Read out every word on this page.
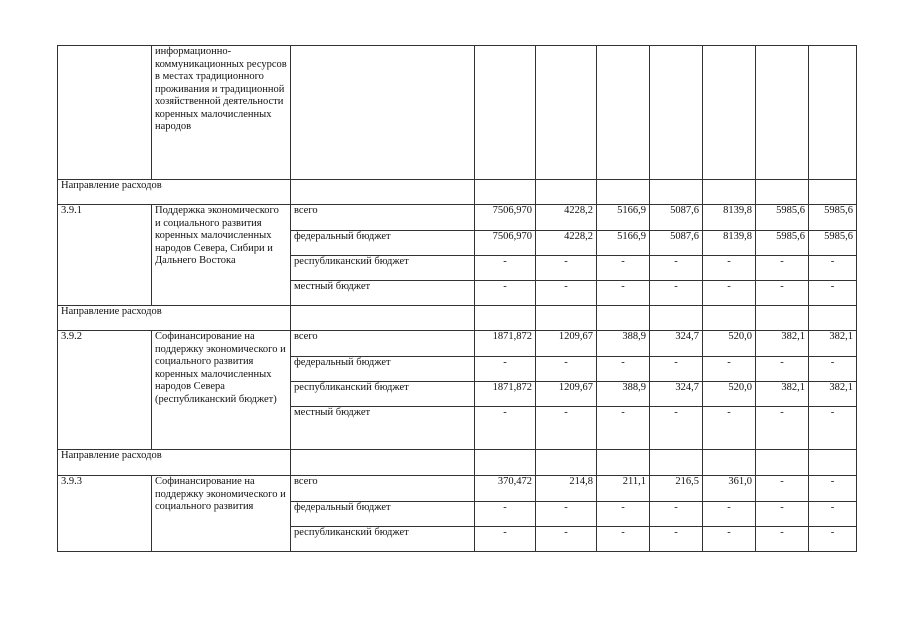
	информационно-коммуникационных ресурсов в местах традиционного проживания и традиционной хозяйственной деятельности коренных малочисленных народов								
Направление расходов									
3.9.1	Поддержка экономического и социального развития коренных малочисленных народов Севера, Сибири и Дальнего Востока	всего	7506,970	4228,2	5166,9	5087,6	8139,8	5985,6	5985,6
		федеральный бюджет	7506,970	4228,2	5166,9	5087,6	8139,8	5985,6	5985,6
		республиканский бюджет	-	-	-	-	-	-	-
		местный бюджет	-	-	-	-	-	-	-
Направление расходов									
3.9.2	Софинансирование на поддержку экономического и социального развития коренных малочисленных народов Севера (республиканский бюджет)	всего	1871,872	1209,67	388,9	324,7	520,0	382,1	382,1
		федеральный бюджет	-	-	-	-	-	-	-
		республиканский бюджет	1871,872	1209,67	388,9	324,7	520,0	382,1	382,1
		местный бюджет	-	-	-	-	-	-	-
Направление расходов									
3.9.3	Софинансирование на поддержку экономического и социального развития	всего	370,472	214,8	211,1	216,5	361,0	-	-
		федеральный бюджет	-	-	-	-	-	-	-
		республиканский бюджет	-	-	-	-	-	-	-
